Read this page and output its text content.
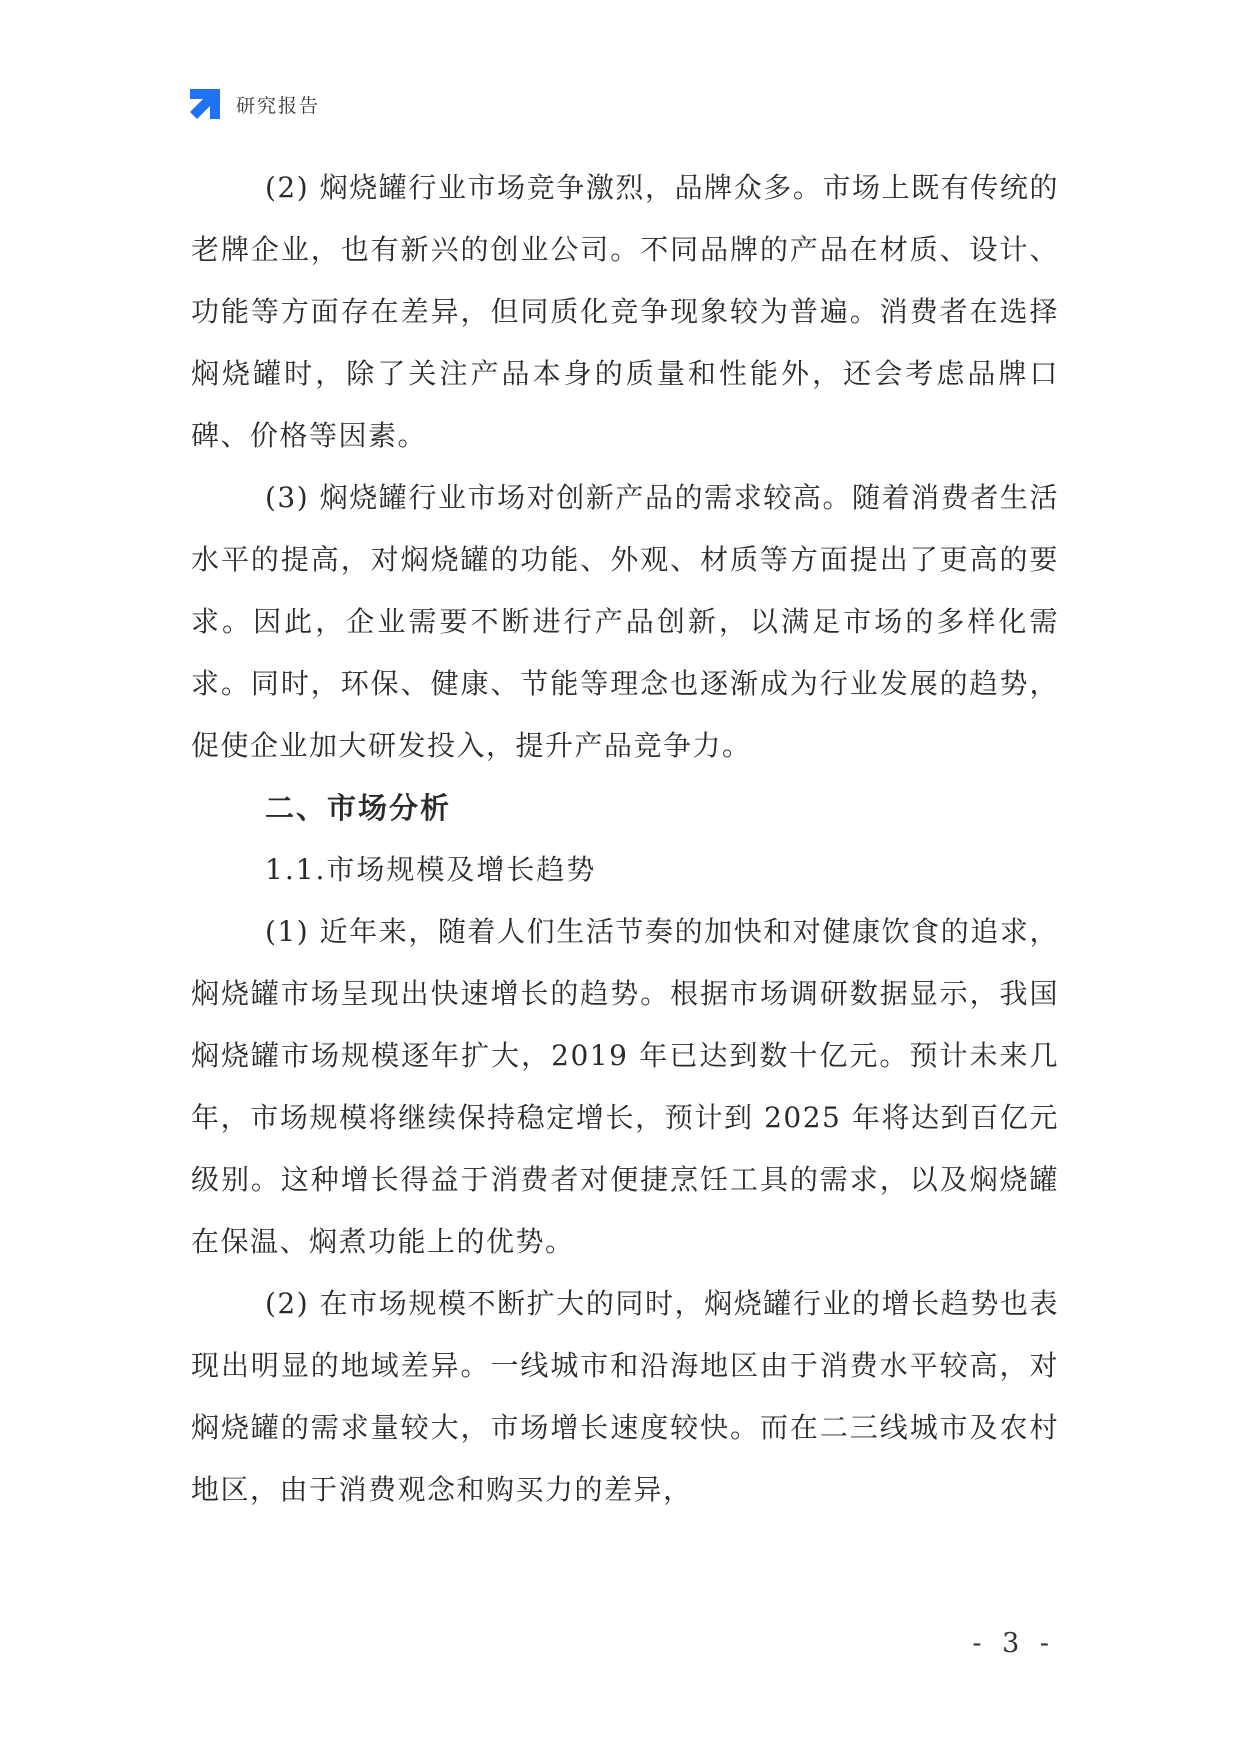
研究报告

(2) 焖烧罐行业市场竞争激烈，品牌众多。市场上既有传统的老牌企业，也有新兴的创业公司。不同品牌的产品在材质、设计、功能等方面存在差异，但同质化竞争现象较为普遍。消费者在选择焖烧罐时，除了关注产品本身的质量和性能外，还会考虑品牌口碑、价格等因素。

(3) 焖烧罐行业市场对创新产品的需求较高。随着消费者生活水平的提高，对焖烧罐的功能、外观、材质等方面提出了更高的要求。因此，企业需要不断进行产品创新，以满足市场的多样化需求。同时，环保、健康、节能等理念也逐渐成为行业发展的趋势，促使企业加大研发投入，提升产品竞争力。

二、市场分析

1.1.市场规模及增长趋势

(1) 近年来，随着人们生活节奏的加快和对健康饮食的追求，焖烧罐市场呈现出快速增长的趋势。根据市场调研数据显示，我国焖烧罐市场规模逐年扩大，2019 年已达到数十亿元。预计未来几年，市场规模将继续保持稳定增长，预计到 2025 年将达到百亿元级别。这种增长得益于消费者对便捷烹饪工具的需求，以及焖烧罐在保温、焖煮功能上的优势。

(2) 在市场规模不断扩大的同时，焖烧罐行业的增长趋势也表现出明显的地域差异。一线城市和沿海地区由于消费水平较高，对焖烧罐的需求量较大，市场增长速度较快。而在二三线城市及农村地区，由于消费观念和购买力的差异，

- 3 -
